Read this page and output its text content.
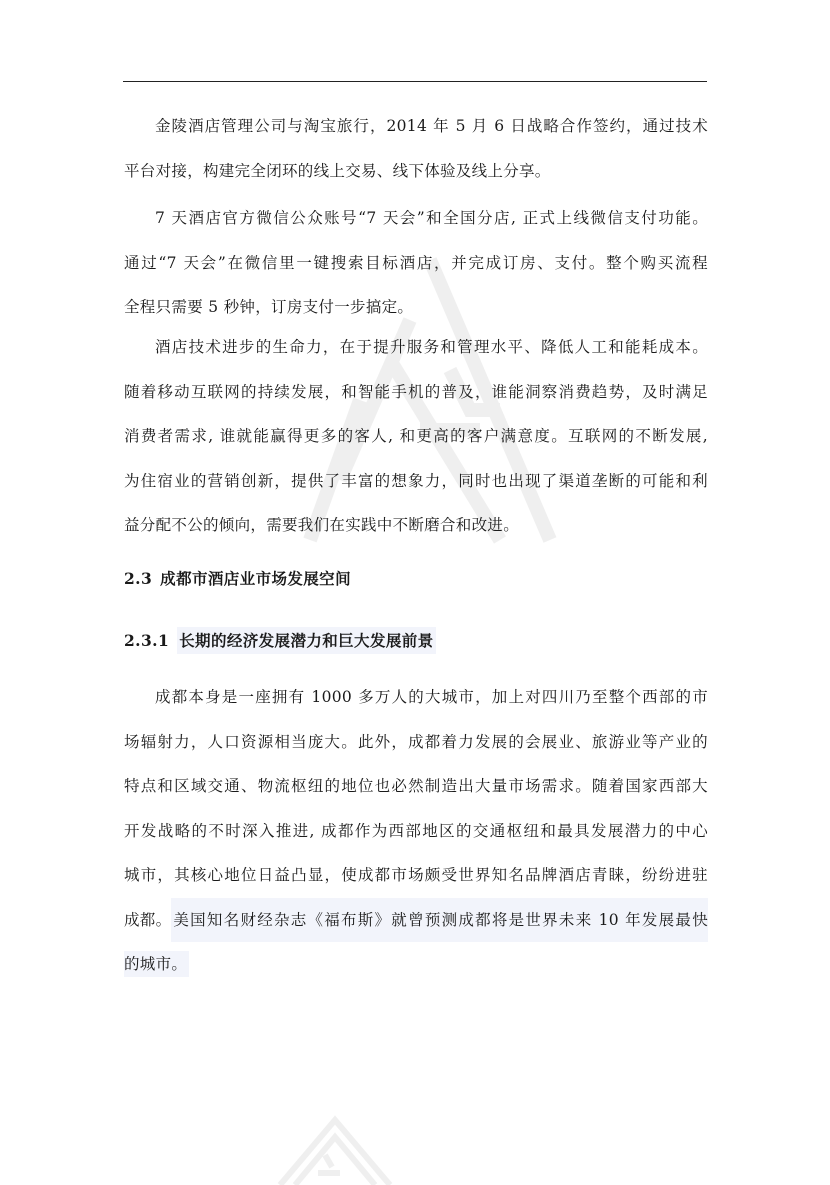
金陵酒店管理公司与淘宝旅行，2014 年 5 月 6 日战略合作签约，通过技术
平台对接，构建完全闭环的线上交易、线下体验及线上分享。
7 天酒店官方微信公众账号“7 天会”和全国分店, 正式上线微信支付功能。
通过“7 天会”在微信里一键搜索目标酒店，并完成订房、支付。整个购买流程
全程只需要 5 秒钟，订房支付一步搞定。
酒店技术进步的生命力，在于提升服务和管理水平、降低人工和能耗成本。
随着移动互联网的持续发展，和智能手机的普及，谁能洞察消费趋势，及时满足
消费者需求, 谁就能赢得更多的客人, 和更高的客户满意度。互联网的不断发展,
为住宿业的营销创新，提供了丰富的想象力，同时也出现了渠道垄断的可能和利
益分配不公的倾向，需要我们在实践中不断磨合和改进。
2.3 成都市酒店业市场发展空间
2.3.1 长期的经济发展潜力和巨大发展前景
成都本身是一座拥有 1000 多万人的大城市，加上对四川乃至整个西部的市
场辐射力，人口资源相当庞大。此外，成都着力发展的会展业、旅游业等产业的
特点和区域交通、物流枢纽的地位也必然制造出大量市场需求。随着国家西部大
开发战略的不时深入推进, 成都作为西部地区的交通枢纽和最具发展潜力的中心
城市，其核心地位日益凸显，使成都市场颇受世界知名品牌酒店青睐，纷纷进驻
成都。 美国知名财经杂志《福布斯》就曾预测成都将是世界未来 10 年发展最快
的城市。
